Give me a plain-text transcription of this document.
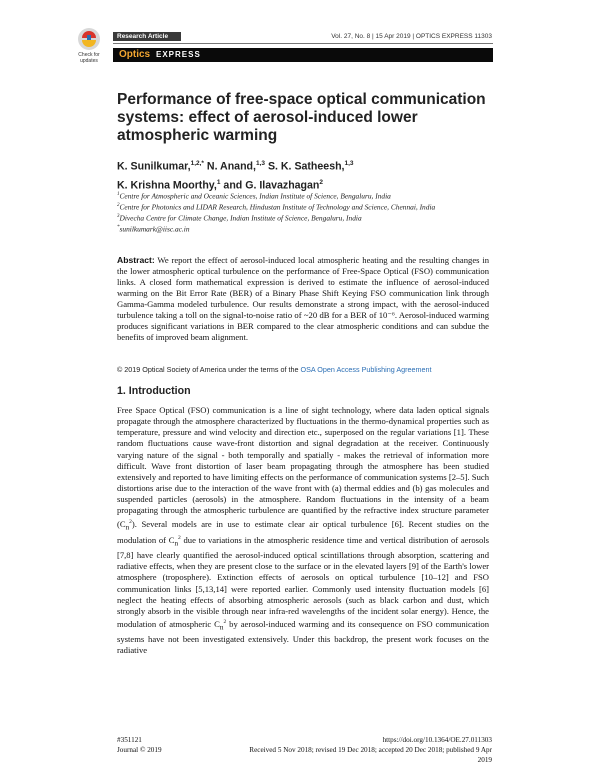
Check for updates
Research Article	Vol. 27, No. 8 | 15 Apr 2019 | OPTICS EXPRESS 11303
Optics EXPRESS
Performance of free-space optical communication systems: effect of aerosol-induced lower atmospheric warming
K. Sunilkumar,$^{1,2,*}$ N. Anand,$^{1,3}$ S. K. Satheesh,$^{1,3}$
K. Krishna Moorthy,$^1$ and G. Ilavazhagan$^2$
$^1$Centre for Atmospheric and Oceanic Sciences, Indian Institute of Science, Bengaluru, India
$^2$Centre for Photonics and LIDAR Research, Hindustan Institute of Technology and Science, Chennai, India
$^3$Divecha Centre for Climate Change, Indian Institute of Science, Bengaluru, India
*sunilkumark@iisc.ac.in
Abstract: We report the effect of aerosol-induced local atmospheric heating and the resulting changes in the lower atmospheric optical turbulence on the performance of Free-Space Optical (FSO) communication links. A closed form mathematical expression is derived to estimate the influence of aerosol-induced warming on the Bit Error Rate (BER) of a Binary Phase Shift Keying FSO communication link through Gamma-Gamma modeled turbulence. Our results demonstrate a strong impact, with the aerosol-induced turbulence taking a toll on the signal-to-noise ratio of ~20 dB for a BER of 10⁻⁶. Aerosol-induced warming produces significant variations in BER compared to the clear atmospheric conditions and can subdue the benefits of improved beam alignment.
© 2019 Optical Society of America under the terms of the OSA Open Access Publishing Agreement
1. Introduction
Free Space Optical (FSO) communication is a line of sight technology, where data laden optical signals propagate through the atmosphere characterized by fluctuations in the thermo-dynamical properties such as temperature, pressure and wind velocity and direction etc., superposed on the regular variations [1]. These random fluctuations cause wave-front distortion and signal degradation at the receiver. Continuously varying nature of the signal - both temporally and spatially - makes the retrieval of information more difficult. Wave front distortion of laser beam propagating through the atmosphere has been studied extensively and reported to have limiting effects on the performance of communication systems [2–5]. Such distortions arise due to the interaction of the wave front with (a) thermal eddies and (b) gas molecules and suspended particles (aerosols) in the atmosphere. Random fluctuations in the intensity of a beam propagating through the atmospheric turbulence are quantified by the refractive index structure parameter $(C_n^2)$. Several models are in use to estimate clear air optical turbulence [6]. Recent studies on the modulation of $C_n^2$ due to variations in the atmospheric residence time and vertical distribution of aerosols [7,8] have clearly quantified the aerosol-induced optical scintillations through absorption, scattering and radiative effects, when they are present close to the surface or in the elevated layers [9] of the Earth's lower atmosphere (troposphere). Extinction effects of aerosols on optical turbulence [10–12] and FSO communication links [5,13,14] were reported earlier. Commonly used intensity fluctuation models [6] neglect the heating effects of absorbing atmospheric aerosols (such as black carbon and dust, which strongly absorb in the visible through near infra-red wavelengths of the incident solar energy). Hence, the modulation of atmospheric $C_n^2$ by aerosol-induced warming and its consequence on FSO communication systems have not been investigated extensively. Under this backdrop, the present work focuses on the radiative
#351121
Journal © 2019
https://doi.org/10.1364/OE.27.011303
Received 5 Nov 2018; revised 19 Dec 2018; accepted 20 Dec 2018; published 9 Apr 2019
